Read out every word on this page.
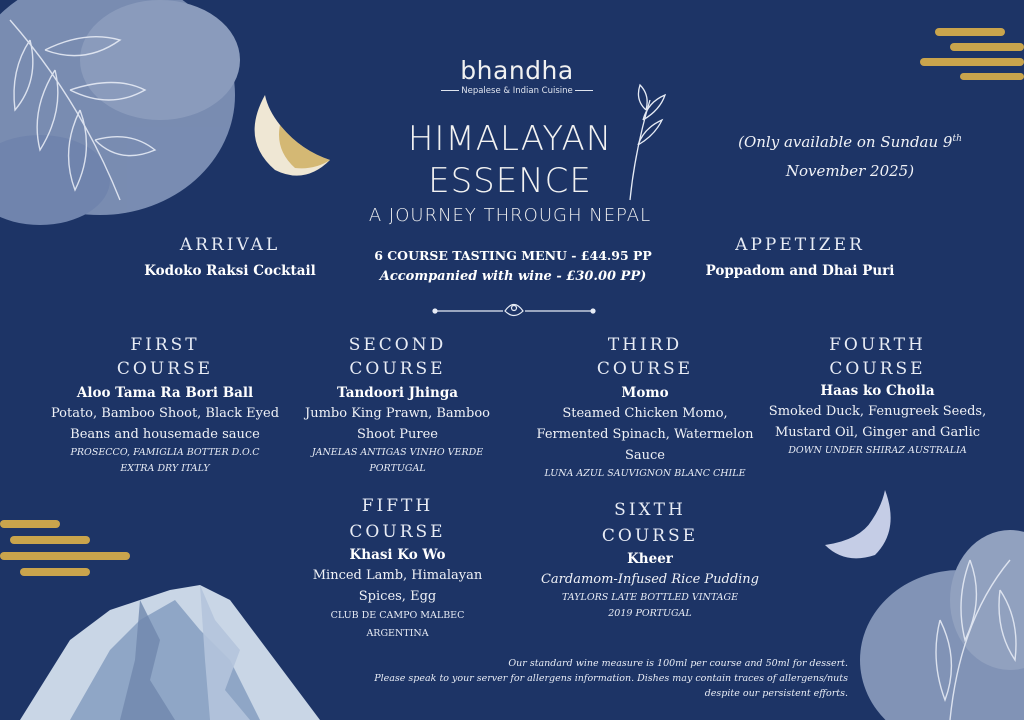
bhandha
Nepalese & Indian Cuisine
HIMALAYAN
ESSENCE
A JOURNEY THROUGH NEPAL
(Only available on Sundau 9th
November 2025)
6 COURSE TASTING MENU - £44.95 PP
Accompanied with wine - £30.00 PP)
ARRIVAL
Kodoko Raksi Cocktail
APPETIZER
Poppadom and Dhai Puri
FIRST
COURSE
Aloo Tama Ra Bori Ball
Potato, Bamboo Shoot, Black Eyed
Beans and housemade sauce
PROSECCO, FAMIGLIA BOTTER D.O.C
EXTRA DRY ITALY
SECOND
COURSE
Tandoori Jhinga
Jumbo King Prawn, Bamboo
Shoot Puree
JANELAS ANTIGAS VINHO VERDE
PORTUGAL
THIRD
COURSE
Momo
Steamed Chicken Momo,
Fermented Spinach, Watermelon
Sauce
LUNA AZUL SAUVIGNON BLANC CHILE
FOURTH
COURSE
Haas ko Choila
Smoked Duck, Fenugreek Seeds,
Mustard Oil, Ginger and Garlic
DOWN UNDER SHIRAZ AUSTRALIA
FIFTH
COURSE
Khasi Ko Wo
Minced Lamb, Himalayan
Spices, Egg
CLUB DE CAMPO MALBEC
ARGENTINA
SIXTH
COURSE
Kheer
Cardamom-Infused Rice Pudding
TAYLORS LATE BOTTLED VINTAGE
2019 PORTUGAL
Our standard wine measure is 100ml per course and 50ml for dessert.
Please speak to your server for allergens information. Dishes may contain traces of allergens/nuts
despite our persistent efforts.
